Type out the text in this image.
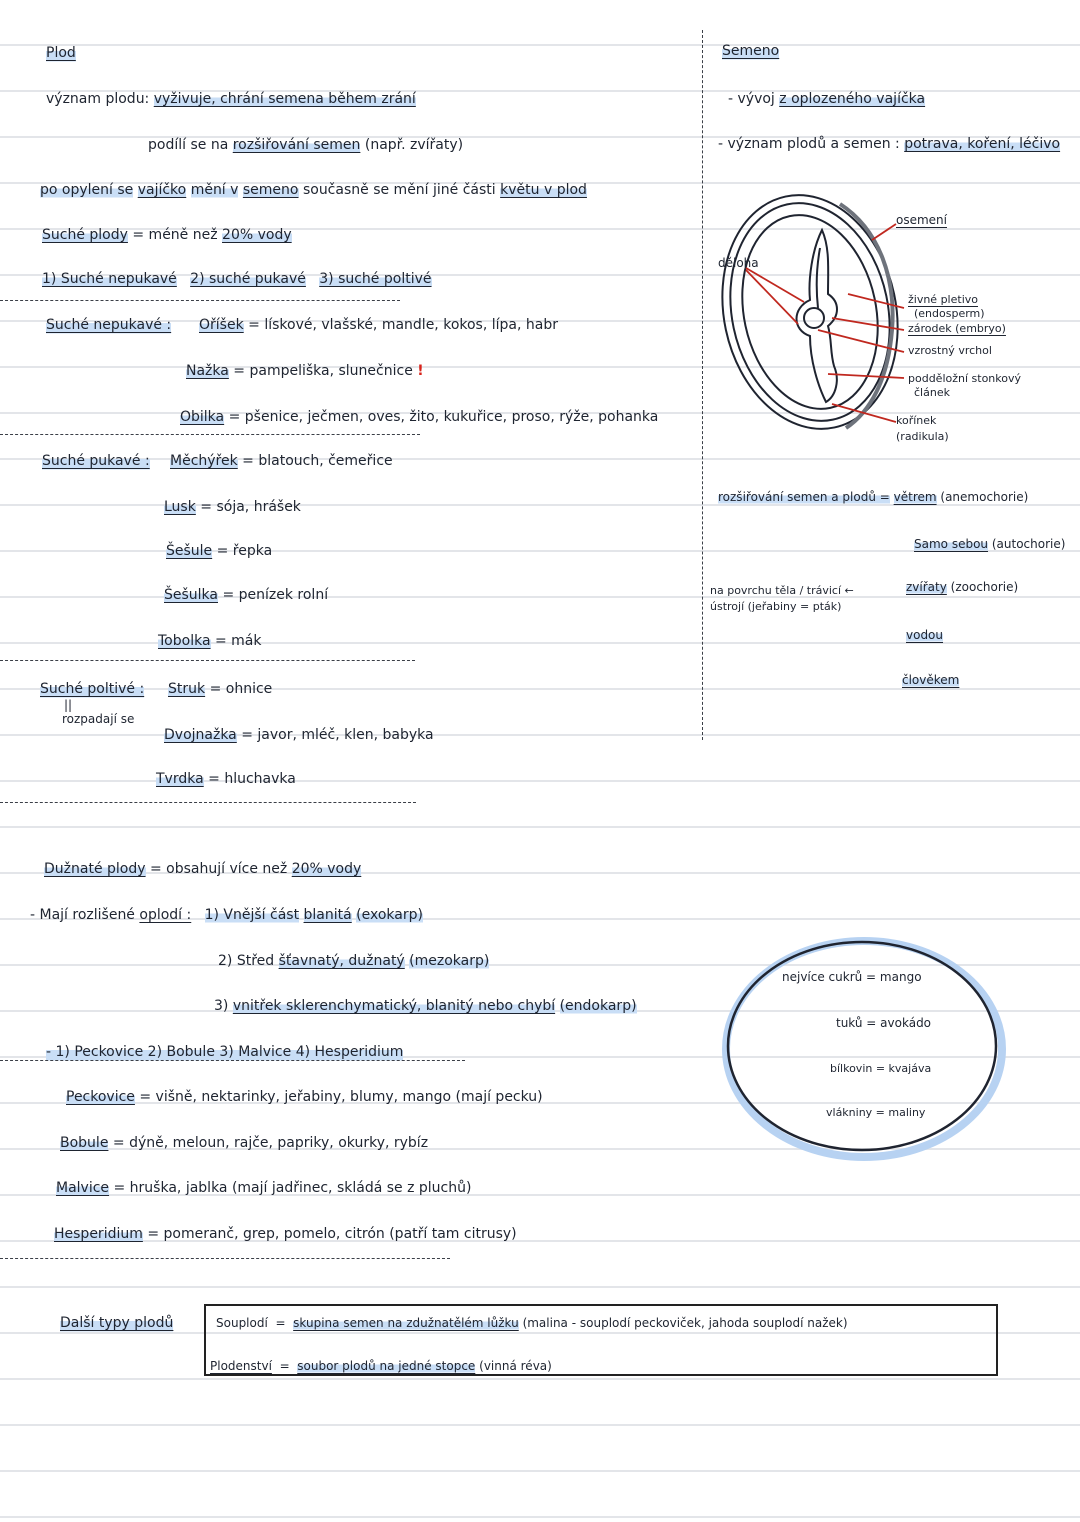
Plod
význam plodu: vyživuje, chrání semena během zrání
podílí se na rozšiřování semen (např. zvířaty)
po opylení se vajíčko mění v semeno současně se mění jiné části květu v plod
Suché plody = méně než 20% vody
1) Suché nepukavé 2) suché pukavé 3) suché poltivé
Suché nepukavé : Oříšek = lískové, vlašské, mandle, kokos, lípa, habr
Nažka = pampeliška, slunečnice !
Obilka = pšenice, ječmen, oves, žito, kukuřice, proso, rýže, pohanka
Suché pukavé : Měchýřek = blatouch, čemeřice
Lusk = sója, hrášek
Šešule = řepka
Šešulka = penízek rolní
Tobolka = mák
Suché poltivé :
||
rozpadají se
Struk = ohnice
Dvojnažka = javor, mléč, klen, babyka
Tvrdka = hluchavka
Semeno
- vývoj z oplozeného vajíčka
- význam plodů a semen : potrava, koření, léčivo
děloha
osemení
živné pletivo
(endosperm)
zárodek (embryo)
vzrostný vrchol
podděložní stonkový
článek
kořínek
(radikula)
rozšiřování semen a plodů = větrem (anemochorie)
Samo sebou (autochorie)
na povrchu těla / trávicí ←
ústrojí (jeřabiny = pták)
zvířaty (zoochorie)
vodou
člověkem
Dužnaté plody = obsahují více než 20% vody
- Mají rozlišené oplodí : 1) Vnější část blanitá (exokarp)
2) Střed šťavnatý, dužnatý (mezokarp)
3) vnitřek sklerenchymatický, blanitý nebo chybí (endokarp)
- 1) Peckovice 2) Bobule 3) Malvice 4) Hesperidium
Peckovice = višně, nektarinky, jeřabiny, blumy, mango (mají pecku)
Bobule = dýně, meloun, rajče, papriky, okurky, rybíz
Malvice = hruška, jablka (mají jadřinec, skládá se z pluchů)
Hesperidium = pomeranč, grep, pomelo, citrón (patří tam citrusy)
nejvíce cukrů = mango
tuků = avokádo
bílkovin = kvajáva
vlákniny = maliny
Další typy plodů	Souplodí = skupina semen na zdužnatělém lůžku (malina - souplodí peckoviček, jahoda souplodí nažek)
Plodenství = soubor plodů na jedné stopce (vinná réva)
